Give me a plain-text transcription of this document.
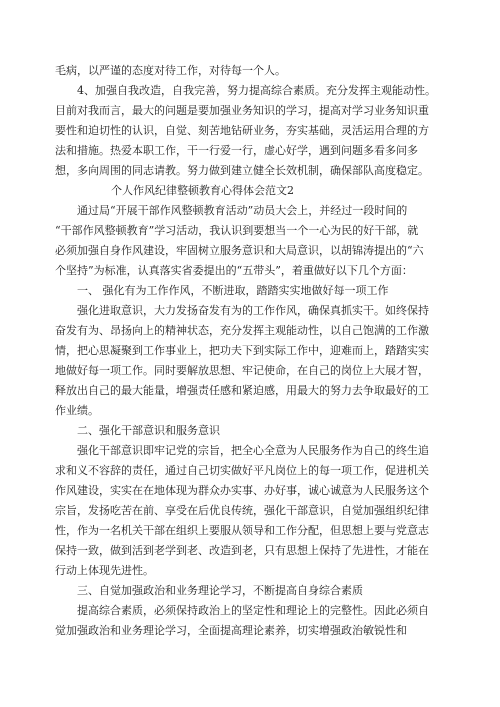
毛病，以严谨的态度对待工作，对待每一个人。
4、加强自我改造，自我完善，努力提高综合素质。充分发挥主观能动性。
目前对我而言，最大的问题是要加强业务知识的学习，提高对学习业务知识重
要性和迫切性的认识，自觉、刻苦地钻研业务，夯实基础，灵活运用合理的方
法和措施。热爱本职工作，干一行爱一行，虚心好学，遇到问题多看多问多
想，多向周围的同志请教。努力做到建立健全长效机制，确保部队高度稳定。
个人作风纪律整顿教育心得体会范文2
通过局“开展干部作风整顿教育活动”动员大会上，并经过一段时间的
“干部作风整顿教育”学习活动，我认识到要想当一个一心为民的好干部，就
必须加强自身作风建设，牢固树立服务意识和大局意识，以胡锦涛提出的“六
个坚持”为标准，认真落实省委提出的“五带头”，着重做好以下几个方面：
一、 强化有为工作作风，不断进取，踏踏实实地做好每一项工作
强化进取意识，大力发扬奋发有为的工作作风，确保真抓实干。如终保持
奋发有为、昂扬向上的精神状态，充分发挥主观能动性，以自己饱满的工作激
情，把心思凝聚到工作事业上，把功夫下到实际工作中，迎难而上，踏踏实实
地做好每一项工作。同时要解放思想、牢记使命，在自己的岗位上大展才智，
释放出自己的最大能量，增强责任感和紧迫感，用最大的努力去争取最好的工
作业绩。
二、强化干部意识和服务意识
强化干部意识即牢记党的宗旨，把全心全意为人民服务作为自己的终生追
求和义不容辞的责任，通过自己切实做好平凡岗位上的每一项工作，促进机关
作风建设，实实在在地体现为群众办实事、办好事，诚心诚意为人民服务这个
宗旨，发扬吃苦在前、享受在后优良传统，强化干部意识，自觉加强组织纪律
性，作为一名机关干部在组织上要服从领导和工作分配，但思想上要与党意志
保持一致，做到活到老学到老、改造到老，只有思想上保持了先进性，才能在
行动上体现先进性。
三、自觉加强政治和业务理论学习，不断提高自身综合素质
提高综合素质，必须保持政治上的坚定性和理论上的完整性。因此必须自
觉加强政治和业务理论学习，全面提高理论素养，切实增强政治敏锐性和
